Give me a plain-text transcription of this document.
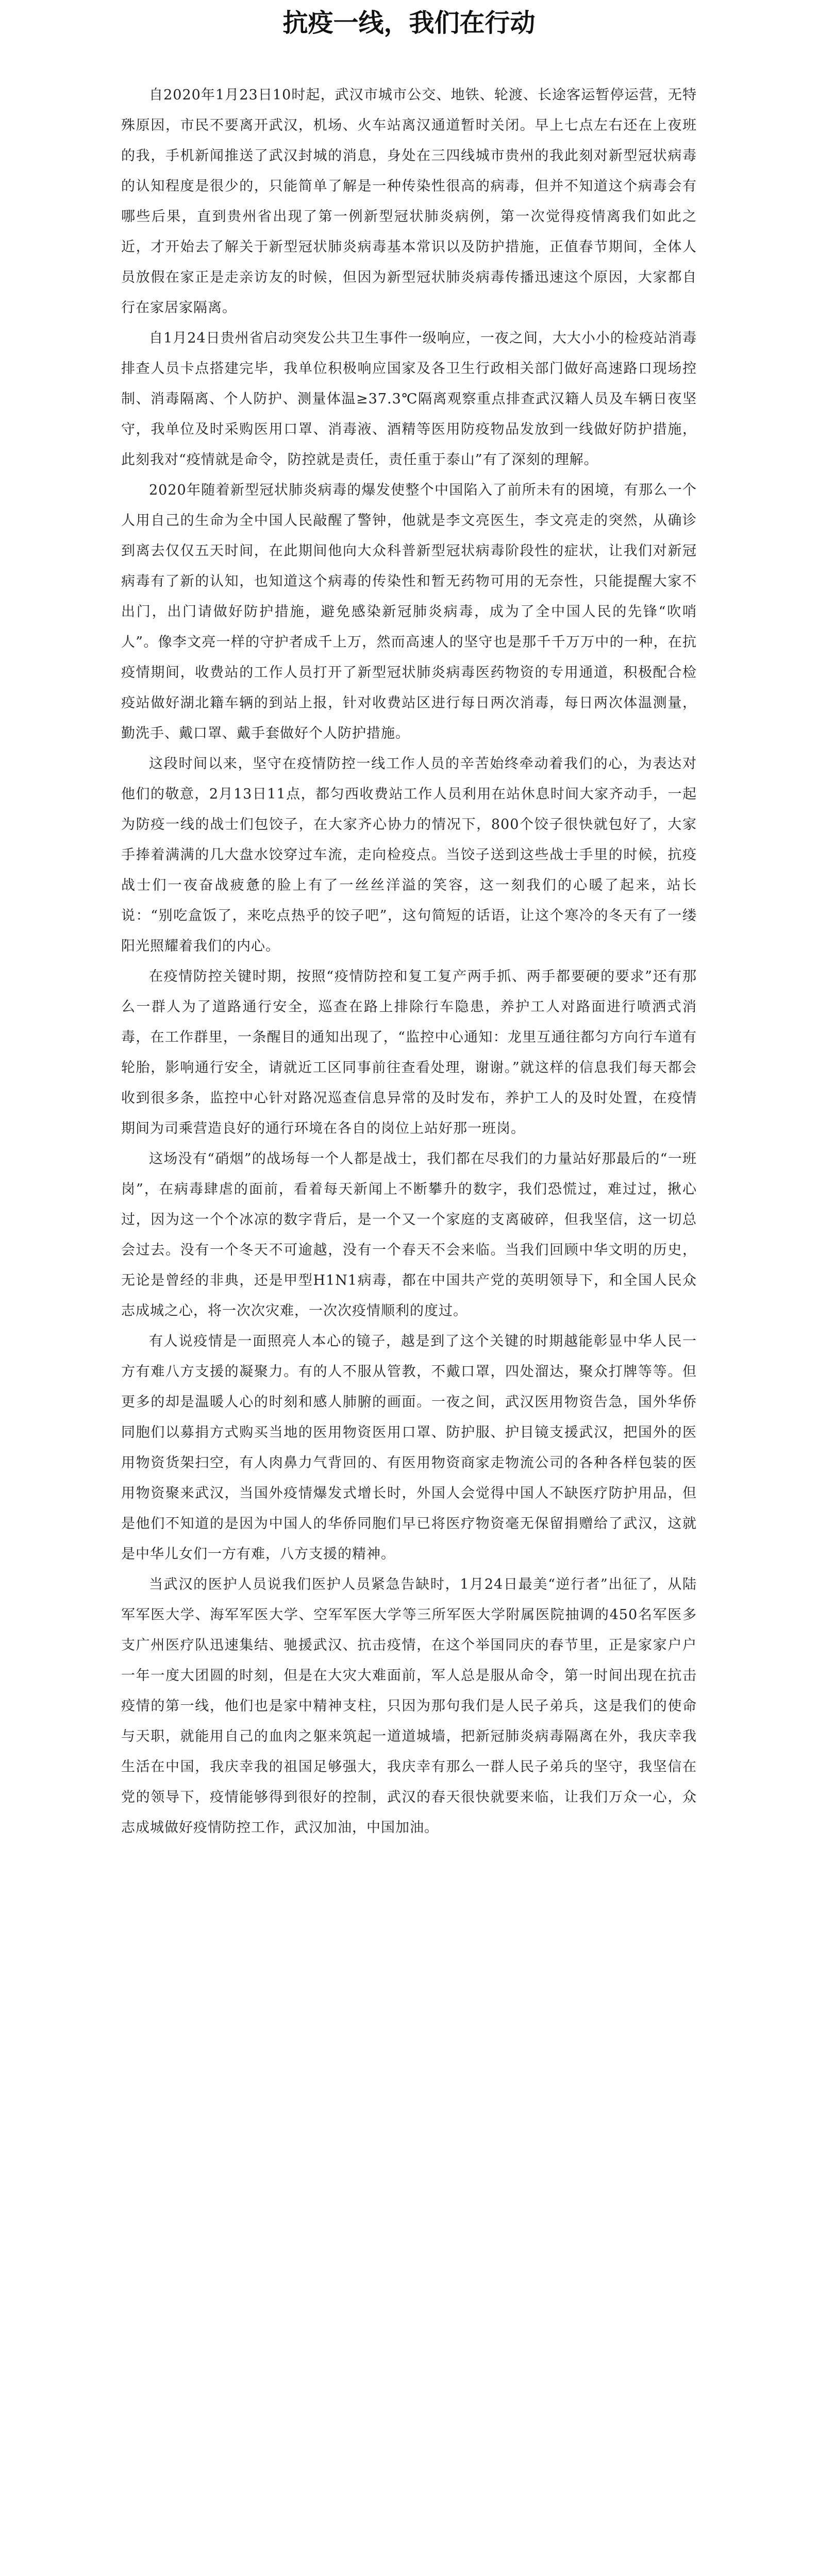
抗疫一线，我们在行动

自2020年1月23日10时起，武汉市城市公交、地铁、轮渡、长途客运暂停运营，无特殊原因，市民不要离开武汉，机场、火车站离汉通道暂时关闭。早上七点左右还在上夜班的我，手机新闻推送了武汉封城的消息，身处在三四线城市贵州的我此刻对新型冠状病毒的认知程度是很少的，只能简单了解是一种传染性很高的病毒，但并不知道这个病毒会有哪些后果，直到贵州省出现了第一例新型冠状肺炎病例，第一次觉得疫情离我们如此之近，才开始去了解关于新型冠状肺炎病毒基本常识以及防护措施，正值春节期间，全体人员放假在家正是走亲访友的时候，但因为新型冠状肺炎病毒传播迅速这个原因，大家都自行在家居家隔离。

自1月24日贵州省启动突发公共卫生事件一级响应，一夜之间，大大小小的检疫站消毒排查人员卡点搭建完毕，我单位积极响应国家及各卫生行政相关部门做好高速路口现场控制、消毒隔离、个人防护、测量体温≥37.3℃隔离观察重点排查武汉籍人员及车辆日夜坚守，我单位及时采购医用口罩、消毒液、酒精等医用防疫物品发放到一线做好防护措施，此刻我对“疫情就是命令，防控就是责任，责任重于泰山”有了深刻的理解。

2020年随着新型冠状肺炎病毒的爆发使整个中国陷入了前所未有的困境，有那么一个人用自己的生命为全中国人民敲醒了警钟，他就是李文亮医生，李文亮走的突然，从确诊到离去仅仅五天时间，在此期间他向大众科普新型冠状病毒阶段性的症状，让我们对新冠病毒有了新的认知，也知道这个病毒的传染性和暂无药物可用的无奈性，只能提醒大家不出门，出门请做好防护措施，避免感染新冠肺炎病毒，成为了全中国人民的先锋“吹哨人”。像李文亮一样的守护者成千上万，然而高速人的坚守也是那千千万万中的一种，在抗疫情期间，收费站的工作人员打开了新型冠状肺炎病毒医药物资的专用通道，积极配合检疫站做好湖北籍车辆的到站上报，针对收费站区进行每日两次消毒，每日两次体温测量，勤洗手、戴口罩、戴手套做好个人防护措施。

这段时间以来，坚守在疫情防控一线工作人员的辛苦始终牵动着我们的心，为表达对他们的敬意，2月13日11点，都匀西收费站工作人员利用在站休息时间大家齐动手，一起为防疫一线的战士们包饺子，在大家齐心协力的情况下，800个饺子很快就包好了，大家手捧着满满的几大盘水饺穿过车流，走向检疫点。当饺子送到这些战士手里的时候，抗疫战士们一夜奋战疲惫的脸上有了一丝丝洋溢的笑容，这一刻我们的心暖了起来，站长说：“别吃盒饭了，来吃点热乎的饺子吧”，这句简短的话语，让这个寒冷的冬天有了一缕阳光照耀着我们的内心。

在疫情防控关键时期，按照“疫情防控和复工复产两手抓、两手都要硬的要求”还有那么一群人为了道路通行安全，巡查在路上排除行车隐患，养护工人对路面进行喷洒式消毒，在工作群里，一条醒目的通知出现了，“监控中心通知：龙里互通往都匀方向行车道有轮胎，影响通行安全，请就近工区同事前往查看处理，谢谢。”就这样的信息我们每天都会收到很多条，监控中心针对路况巡查信息异常的及时发布，养护工人的及时处置，在疫情期间为司乘营造良好的通行环境在各自的岗位上站好那一班岗。

这场没有“硝烟”的战场每一个人都是战士，我们都在尽我们的力量站好那最后的“一班岗”，在病毒肆虐的面前，看着每天新闻上不断攀升的数字，我们恐慌过，难过过，揪心过，因为这一个个冰凉的数字背后，是一个又一个家庭的支离破碎，但我坚信，这一切总会过去。没有一个冬天不可逾越，没有一个春天不会来临。当我们回顾中华文明的历史，无论是曾经的非典，还是甲型H1N1病毒，都在中国共产党的英明领导下，和全国人民众志成城之心，将一次次灾难，一次次疫情顺利的度过。

有人说疫情是一面照亮人本心的镜子，越是到了这个关键的时期越能彰显中华人民一方有难八方支援的凝聚力。有的人不服从管教，不戴口罩，四处溜达，聚众打牌等等。但更多的却是温暖人心的时刻和感人肺腑的画面。一夜之间，武汉医用物资告急，国外华侨同胞们以募捐方式购买当地的医用物资医用口罩、防护服、护目镜支援武汉，把国外的医用物资货架扫空，有人肉鼻力气背回的、有医用物资商家走物流公司的各种各样包装的医用物资聚来武汉，当国外疫情爆发式增长时，外国人会觉得中国人不缺医疗防护用品，但是他们不知道的是因为中国人的华侨同胞们早已将医疗物资毫无保留捐赠给了武汉，这就是中华儿女们一方有难，八方支援的精神。

当武汉的医护人员说我们医护人员紧急告缺时，1月24日最美“逆行者”出征了，从陆军军医大学、海军军医大学、空军军医大学等三所军医大学附属医院抽调的450名军医多支广州医疗队迅速集结、驰援武汉、抗击疫情，在这个举国同庆的春节里，正是家家户户一年一度大团圆的时刻，但是在大灾大难面前，军人总是服从命令，第一时间出现在抗击疫情的第一线，他们也是家中精神支柱，只因为那句我们是人民子弟兵，这是我们的使命与天职，就能用自己的血肉之躯来筑起一道道城墙，把新冠肺炎病毒隔离在外，我庆幸我生活在中国，我庆幸我的祖国足够强大，我庆幸有那么一群人民子弟兵的坚守，我坚信在党的领导下，疫情能够得到很好的控制，武汉的春天很快就要来临，让我们万众一心，众志成城做好疫情防控工作，武汉加油，中国加油。
